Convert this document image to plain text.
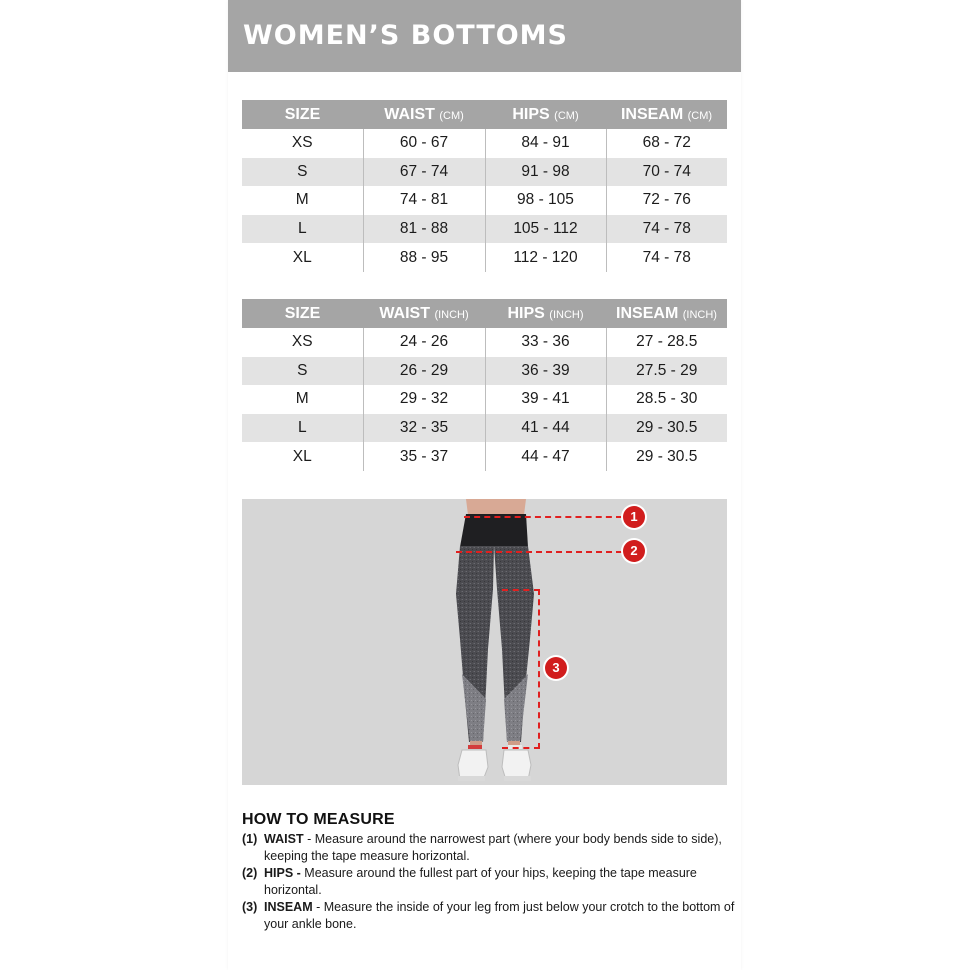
WOMEN’S BOTTOMS
SIZE	WAIST (CM)	HIPS (CM)	INSEAM (CM)
XS	60 - 67	84 - 91	68 - 72
S	67 - 74	91 - 98	70 - 74
M	74 - 81	98 - 105	72 - 76
L	81 - 88	105 - 112	74 - 78
XL	88 - 95	112 - 120	74 - 78
SIZE	WAIST (INCH)	HIPS (INCH)	INSEAM (INCH)
XS	24 - 26	33 - 36	27 - 28.5
S	26 - 29	36 - 39	27.5 - 29
M	29 - 32	39 - 41	28.5 - 30
L	32 - 35	41 - 44	29 - 30.5
XL	35 - 37	44 - 47	29 - 30.5
1
2
3
HOW TO MEASURE
(1) WAIST - Measure around the narrowest part (where your body bends side to side), keeping the tape measure horizontal.
(2) HIPS - Measure around the fullest part of your hips, keeping the tape measure horizontal.
(3) INSEAM - Measure the inside of your leg from just below your crotch to the bottom of your ankle bone.
